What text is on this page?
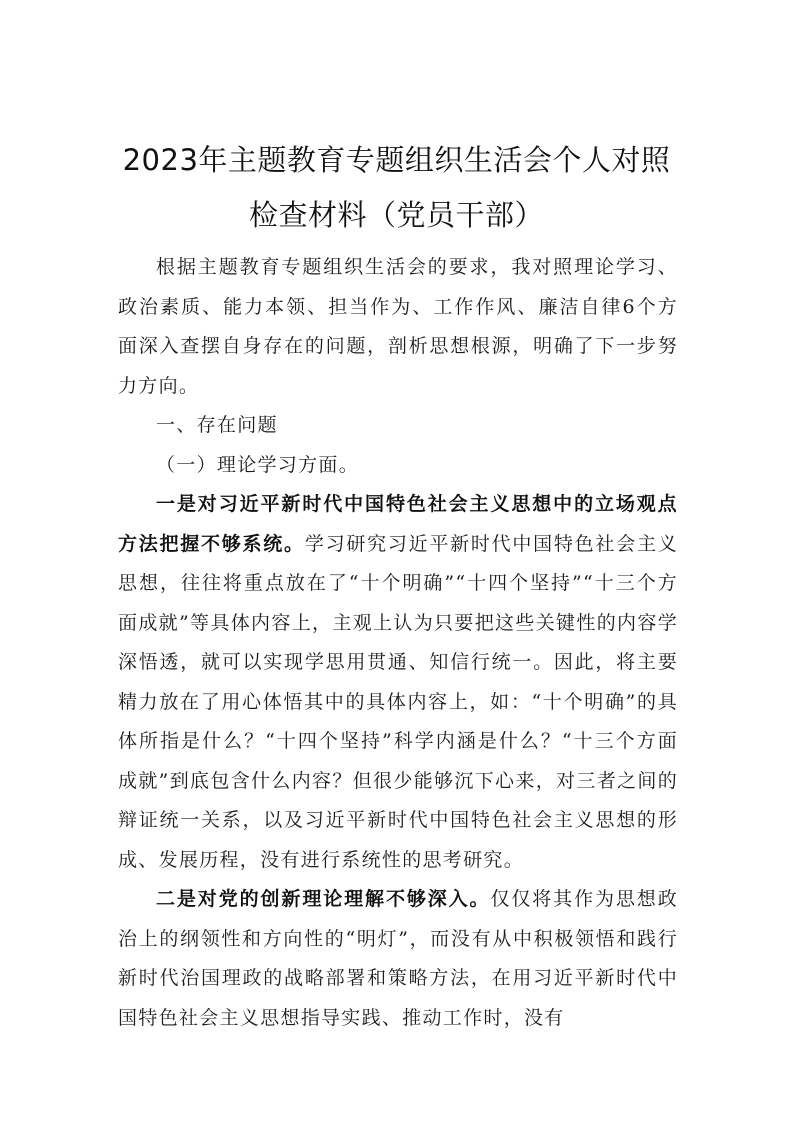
2023年主题教育专题组织生活会个人对照
检查材料（党员干部）

根据主题教育专题组织生活会的要求，我对照理论学习、政治素质、能力本领、担当作为、工作作风、廉洁自律6个方面深入查摆自身存在的问题，剖析思想根源，明确了下一步努力方向。

一、存在问题

（一）理论学习方面。

一是对习近平新时代中国特色社会主义思想中的立场观点方法把握不够系统。学习研究习近平新时代中国特色社会主义思想，往往将重点放在了“十个明确”“十四个坚持”“十三个方面成就”等具体内容上，主观上认为只要把这些关键性的内容学深悟透，就可以实现学思用贯通、知信行统一。因此，将主要精力放在了用心体悟其中的具体内容上，如：“十个明确”的具体所指是什么？“十四个坚持”科学内涵是什么？“十三个方面成就”到底包含什么内容？但很少能够沉下心来，对三者之间的辩证统一关系，以及习近平新时代中国特色社会主义思想的形成、发展历程，没有进行系统性的思考研究。

二是对党的创新理论理解不够深入。仅仅将其作为思想政治上的纲领性和方向性的“明灯”，而没有从中积极领悟和践行新时代治国理政的战略部署和策略方法，在用习近平新时代中国特色社会主义思想指导实践、推动工作时，没有
